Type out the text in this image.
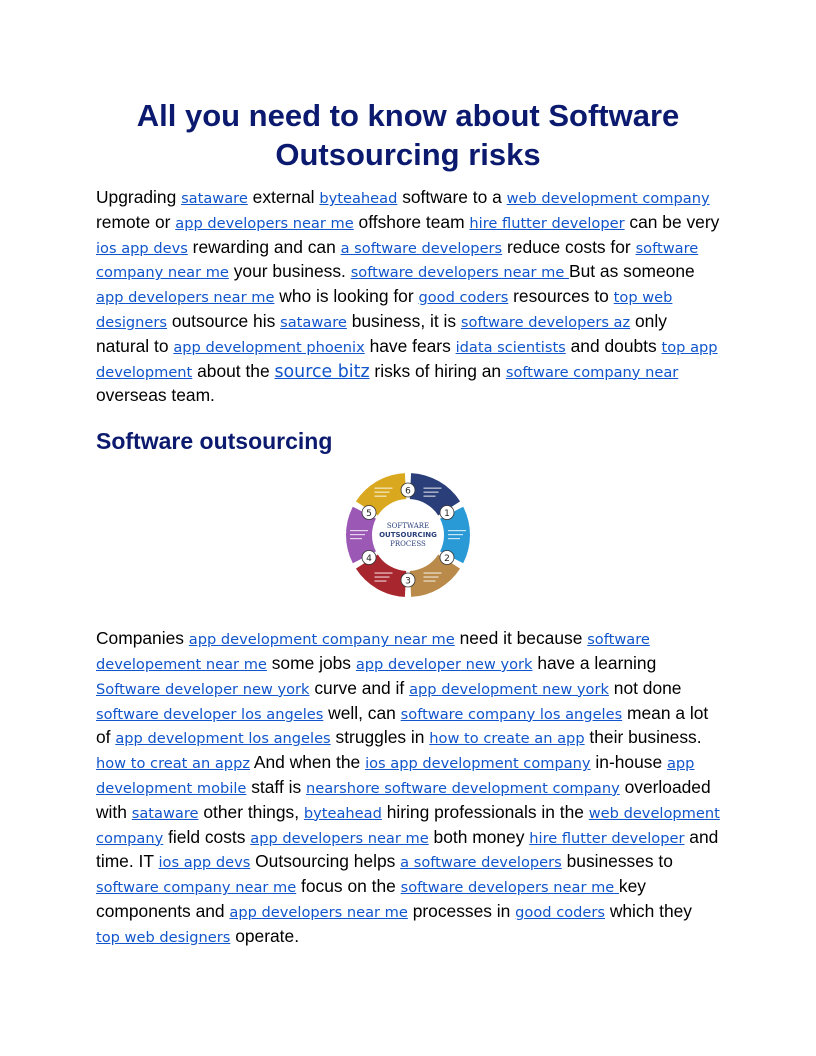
All you need to know about Software Outsourcing risks

Upgrading sataware external byteahead software to a web development company remote or app developers near me offshore team hire flutter developer can be very ios app devs rewarding and can a software developers reduce costs for software company near me your business. software developers near me But as someone app developers near me who is looking for good coders resources to top web designers outsource his sataware business, it is software developers az only natural to app development phoenix have fears idata scientists and doubts top app development about the source bitz risks of hiring an software company near overseas team.

Software outsourcing
SOFTWARE
OUTSOURCING
PROCESS
1
2
3
4
5
6

Companies app development company near me need it because software developement near me some jobs app developer new york have a learning Software developer new york curve and if app development new york not done software developer los angeles well, can software company los angeles mean a lot of app development los angeles struggles in how to create an app their business. how to creat an appz And when the ios app development company in-house app development mobile staff is nearshore software development company overloaded with sataware other things, byteahead hiring professionals in the web development company field costs app developers near me both money hire flutter developer and time. IT ios app devs Outsourcing helps a software developers businesses to software company near me focus on the software developers near me key components and app developers near me processes in good coders which they top web designers operate.
